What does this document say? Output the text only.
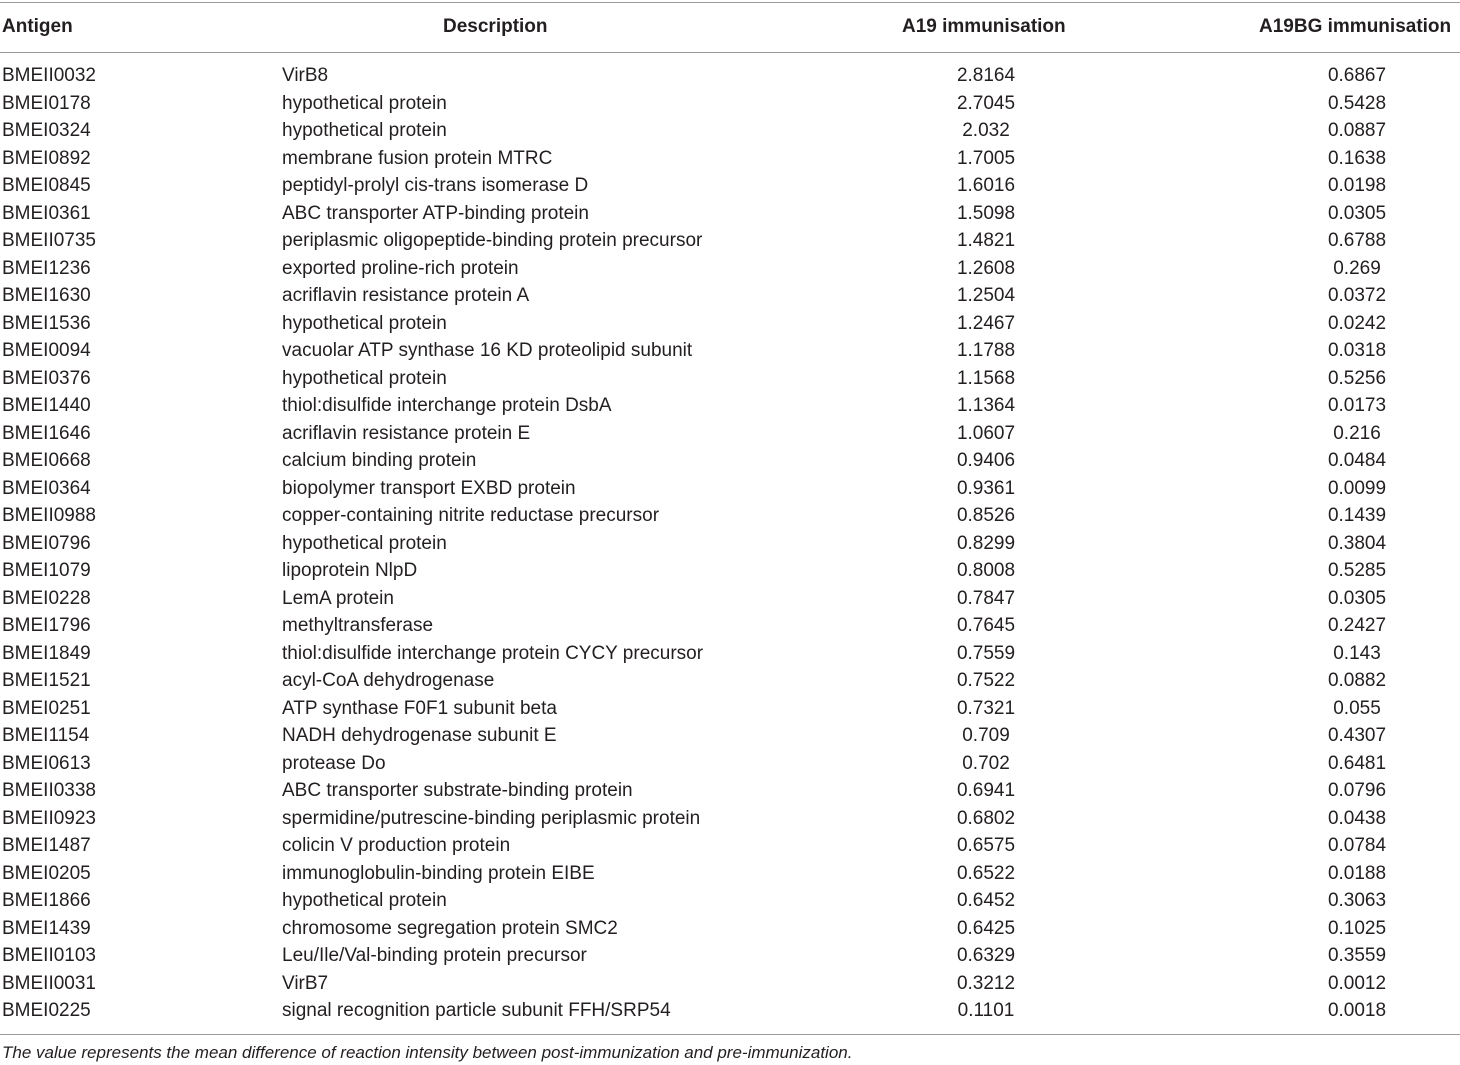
Antigen	Description	A19 immunisation	A19BG immunisation
BMEII0032	VirB8	2.8164	0.6867
BMEI0178	hypothetical protein	2.7045	0.5428
BMEI0324	hypothetical protein	2.032	0.0887
BMEI0892	membrane fusion protein MTRC	1.7005	0.1638
BMEI0845	peptidyl-prolyl cis-trans isomerase D	1.6016	0.0198
BMEI0361	ABC transporter ATP-binding protein	1.5098	0.0305
BMEII0735	periplasmic oligopeptide-binding protein precursor	1.4821	0.6788
BMEI1236	exported proline-rich protein	1.2608	0.269
BMEI1630	acriflavin resistance protein A	1.2504	0.0372
BMEI1536	hypothetical protein	1.2467	0.0242
BMEI0094	vacuolar ATP synthase 16 KD proteolipid subunit	1.1788	0.0318
BMEI0376	hypothetical protein	1.1568	0.5256
BMEI1440	thiol:disulfide interchange protein DsbA	1.1364	0.0173
BMEI1646	acriflavin resistance protein E	1.0607	0.216
BMEI0668	calcium binding protein	0.9406	0.0484
BMEI0364	biopolymer transport EXBD protein	0.9361	0.0099
BMEII0988	copper-containing nitrite reductase precursor	0.8526	0.1439
BMEI0796	hypothetical protein	0.8299	0.3804
BMEI1079	lipoprotein NlpD	0.8008	0.5285
BMEI0228	LemA protein	0.7847	0.0305
BMEI1796	methyltransferase	0.7645	0.2427
BMEI1849	thiol:disulfide interchange protein CYCY precursor	0.7559	0.143
BMEI1521	acyl-CoA dehydrogenase	0.7522	0.0882
BMEI0251	ATP synthase F0F1 subunit beta	0.7321	0.055
BMEI1154	NADH dehydrogenase subunit E	0.709	0.4307
BMEI0613	protease Do	0.702	0.6481
BMEII0338	ABC transporter substrate-binding protein	0.6941	0.0796
BMEII0923	spermidine/putrescine-binding periplasmic protein	0.6802	0.0438
BMEI1487	colicin V production protein	0.6575	0.0784
BMEI0205	immunoglobulin-binding protein EIBE	0.6522	0.0188
BMEI1866	hypothetical protein	0.6452	0.3063
BMEI1439	chromosome segregation protein SMC2	0.6425	0.1025
BMEII0103	Leu/Ile/Val-binding protein precursor	0.6329	0.3559
BMEII0031	VirB7	0.3212	0.0012
BMEI0225	signal recognition particle subunit FFH/SRP54	0.1101	0.0018
The value represents the mean difference of reaction intensity between post-immunization and pre-immunization.
